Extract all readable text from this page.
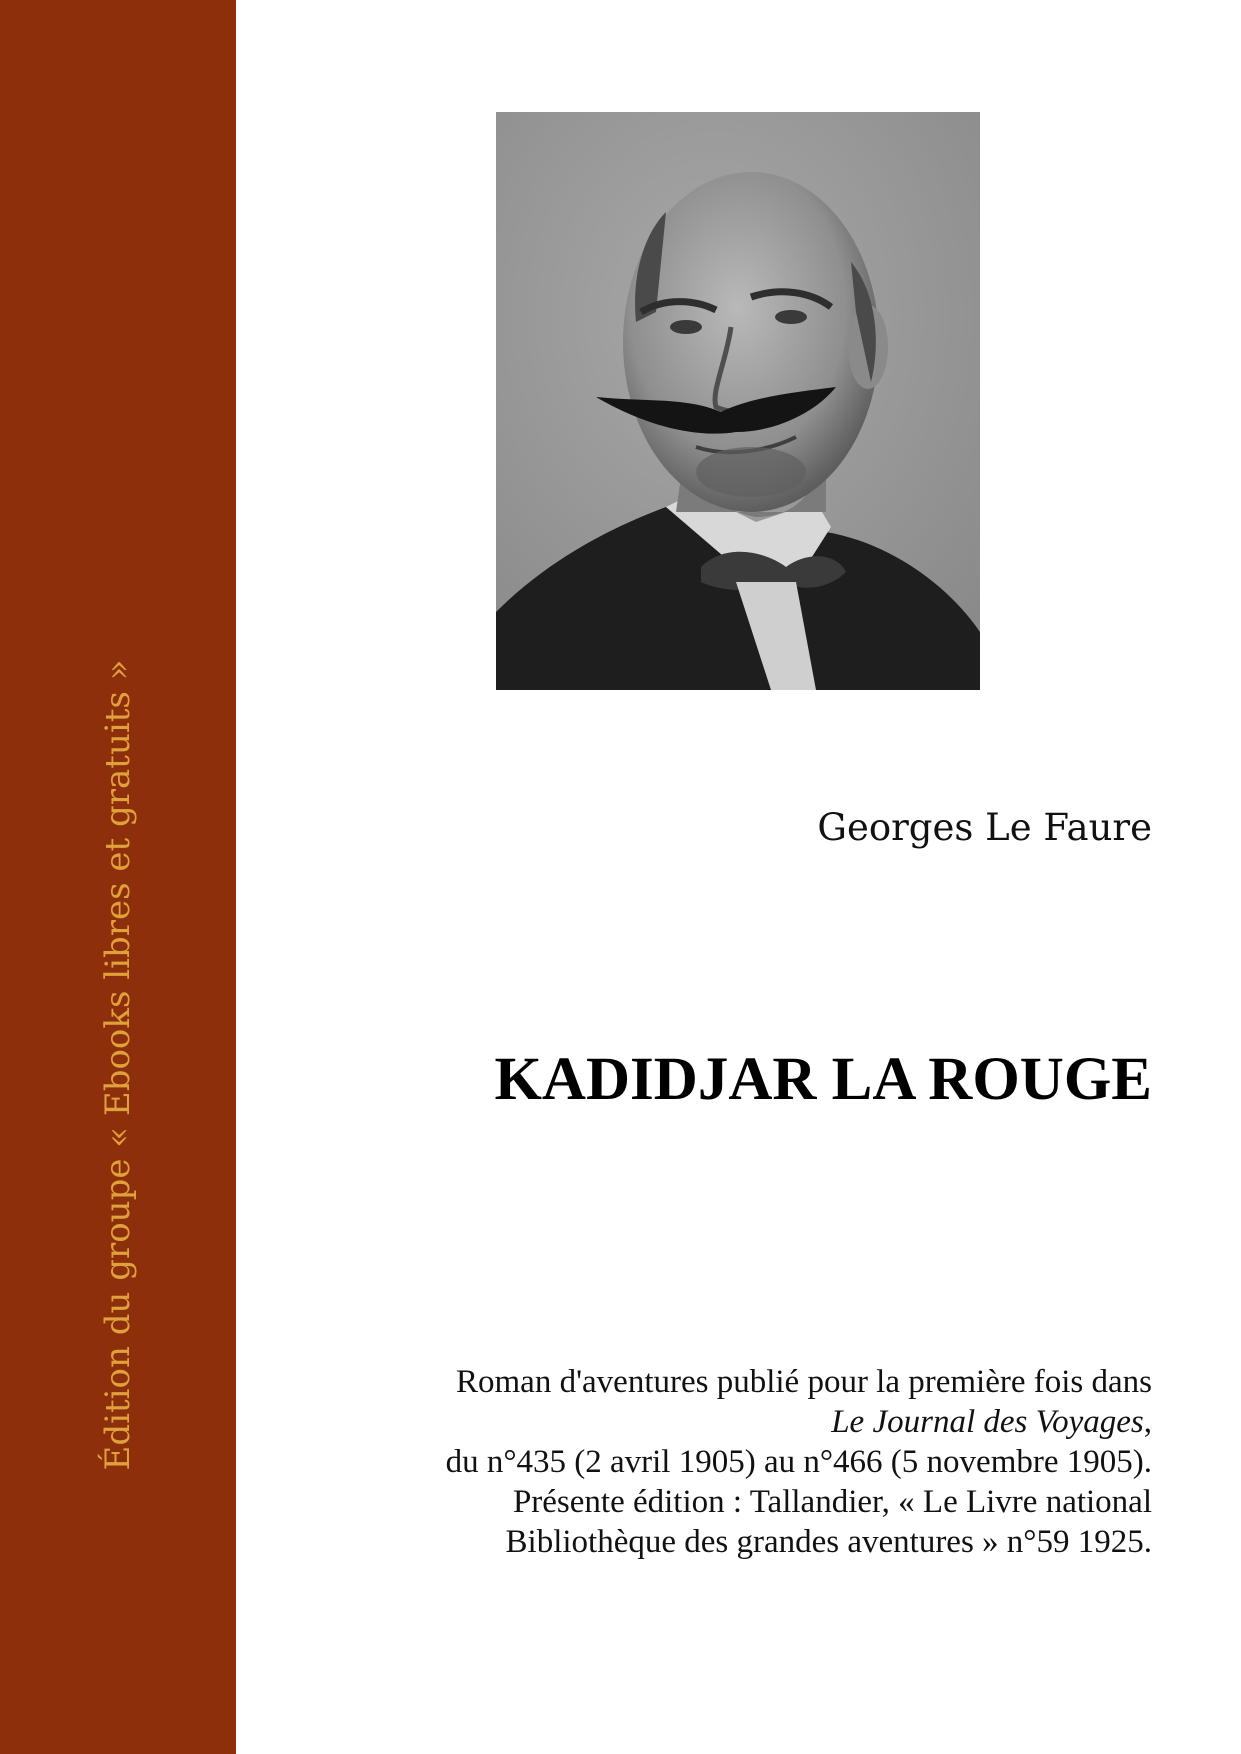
Édition du groupe « Ebooks libres et gratuits »	Georges Le Faure
KADIDJAR LA ROUGE
Roman d'aventures publié pour la première fois dans
Le Journal des Voyages,
du n°435 (2 avril 1905) au n°466 (5 novembre 1905).
Présente édition : Tallandier, « Le Livre national
Bibliothèque des grandes aventures » n°59 1925.
